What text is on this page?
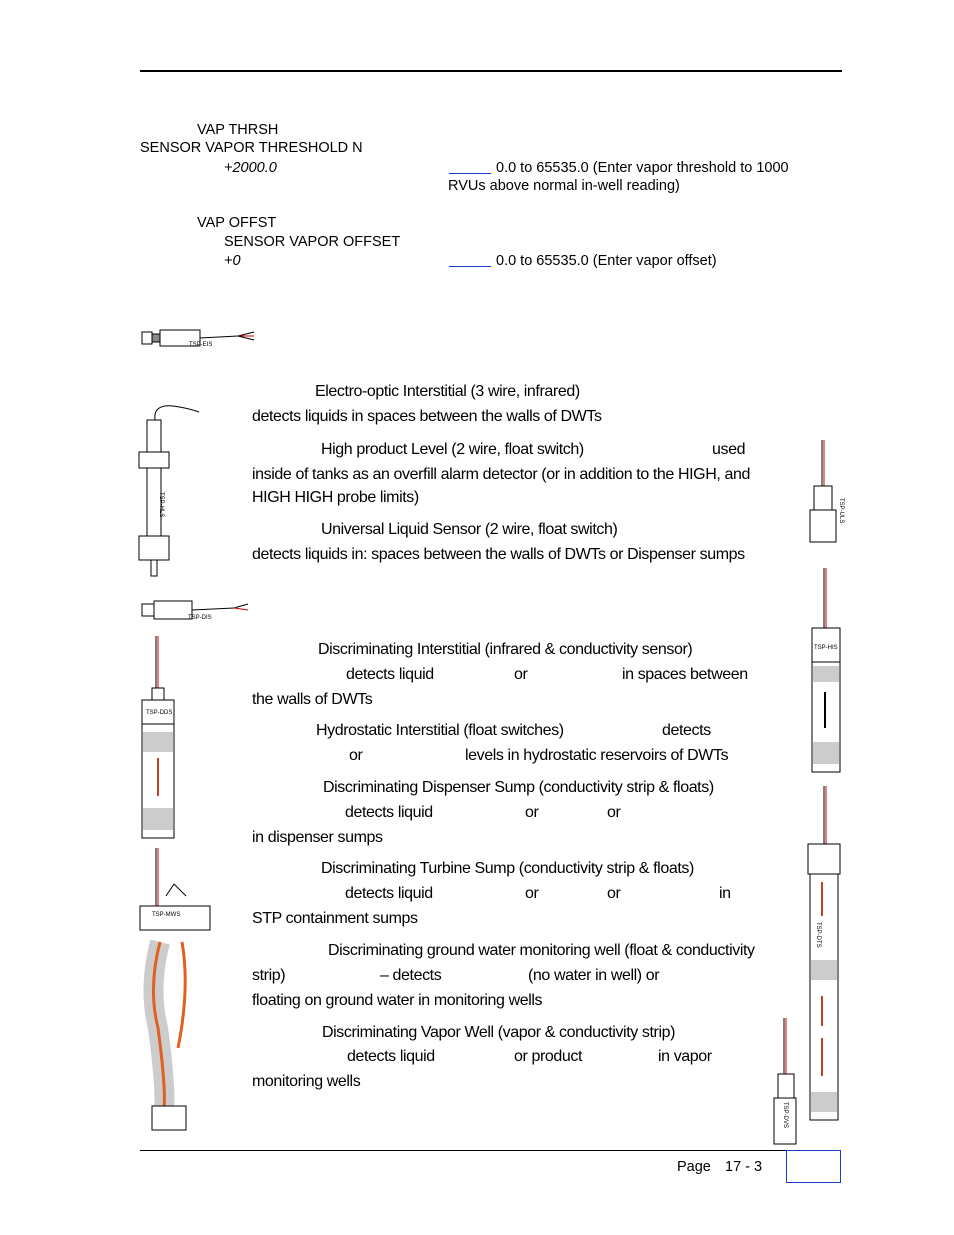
VAP THRSH
SENSOR VAPOR THRESHOLD N
+2000.0	0.0 to 65535.0 (Enter vapor threshold to 1000
RVUs above normal in-well reading)
VAP OFFST
SENSOR VAPOR OFFSET
+0	0.0 to 65535.0 (Enter vapor offset)
TSP-EIS
TSP-HLS	TSP-ULS
TSP-DIS
TSP-DDS
TSP-HIS
TSP-MWS
TSP-DTS
TSP-DVS
Electro-optic Interstitial (3 wire, infrared)
detects liquids in spaces between the walls of DWTs
High product Level (2 wire, float switch)	used
inside of tanks as an overfill alarm detector (or in addition to the HIGH, and
HIGH HIGH probe limits)
Universal Liquid Sensor (2 wire, float switch)
detects liquids in: spaces between the walls of DWTs or Dispenser sumps
Discriminating Interstitial (infrared & conductivity sensor)
detects liquid	or	in spaces between
the walls of DWTs
Hydrostatic Interstitial (float switches)	detects
or	levels in hydrostatic reservoirs of DWTs
Discriminating Dispenser Sump (conductivity strip & floats)
detects liquid	or	or
in dispenser sumps
Discriminating Turbine Sump (conductivity strip & floats)
detects liquid	or	or	in
STP containment sumps
Discriminating ground water monitoring well (float & conductivity
strip)	– detects	(no water in well) or
floating on ground water in monitoring wells
Discriminating Vapor Well (vapor & conductivity strip)
detects liquid	or product	in vapor
monitoring wells
Page 17 - 3
